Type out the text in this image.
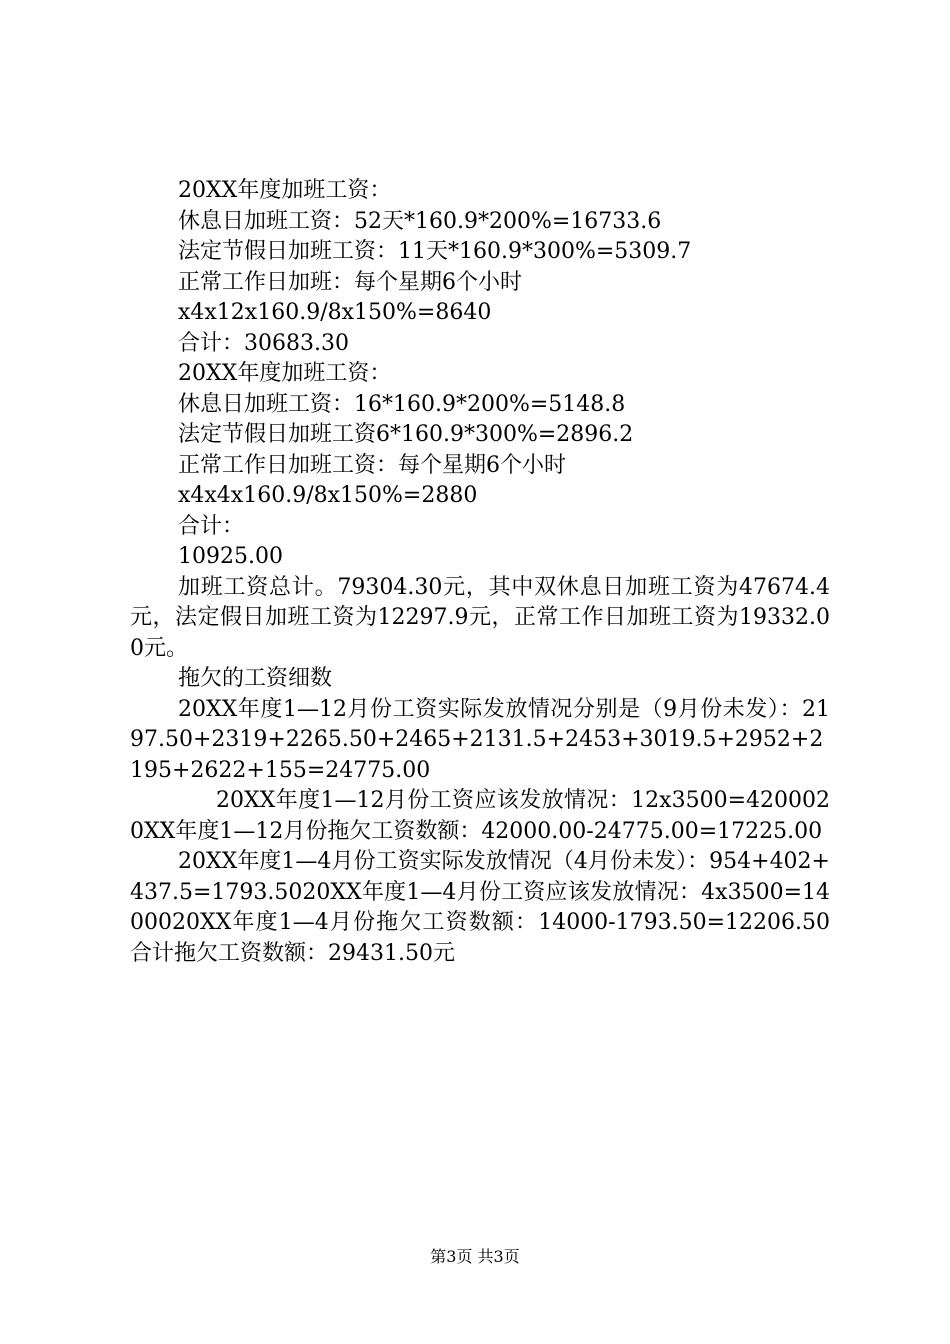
20XX年度加班工资：

休息日加班工资：52天*160.9*200%=16733.6

法定节假日加班工资：11天*160.9*300%=5309.7

正常工作日加班：每个星期6个小时

x4x12x160.9/8x150%=8640

合计：30683.30

20XX年度加班工资：

休息日加班工资：16*160.9*200%=5148.8

法定节假日加班工资6*160.9*300%=2896.2

正常工作日加班工资：每个星期6个小时

x4x4x160.9/8x150%=2880

合计：

10925.00

加班工资总计。79304.30元，其中双休息日加班工资为47674.4元，法定假日加班工资为12297.9元，正常工作日加班工资为19332.00元。

拖欠的工资细数

20XX年度1—12月份工资实际发放情况分别是（9月份未发）：2197.50+2319+2265.50+2465+2131.5+2453+3019.5+2952+2195+2622+155=24775.00

20XX年度1—12月份工资应该发放情况：12x3500=4200020XX年度1—12月份拖欠工资数额：42000.00-24775.00=17225.00

20XX年度1—4月份工资实际发放情况（4月份未发）：954+402+437.5=1793.5020XX年度1—4月份工资应该发放情况：4x3500=1400020XX年度1—4月份拖欠工资数额：14000-1793.50=12206.50合计拖欠工资数额：29431.50元

第3页 共3页
